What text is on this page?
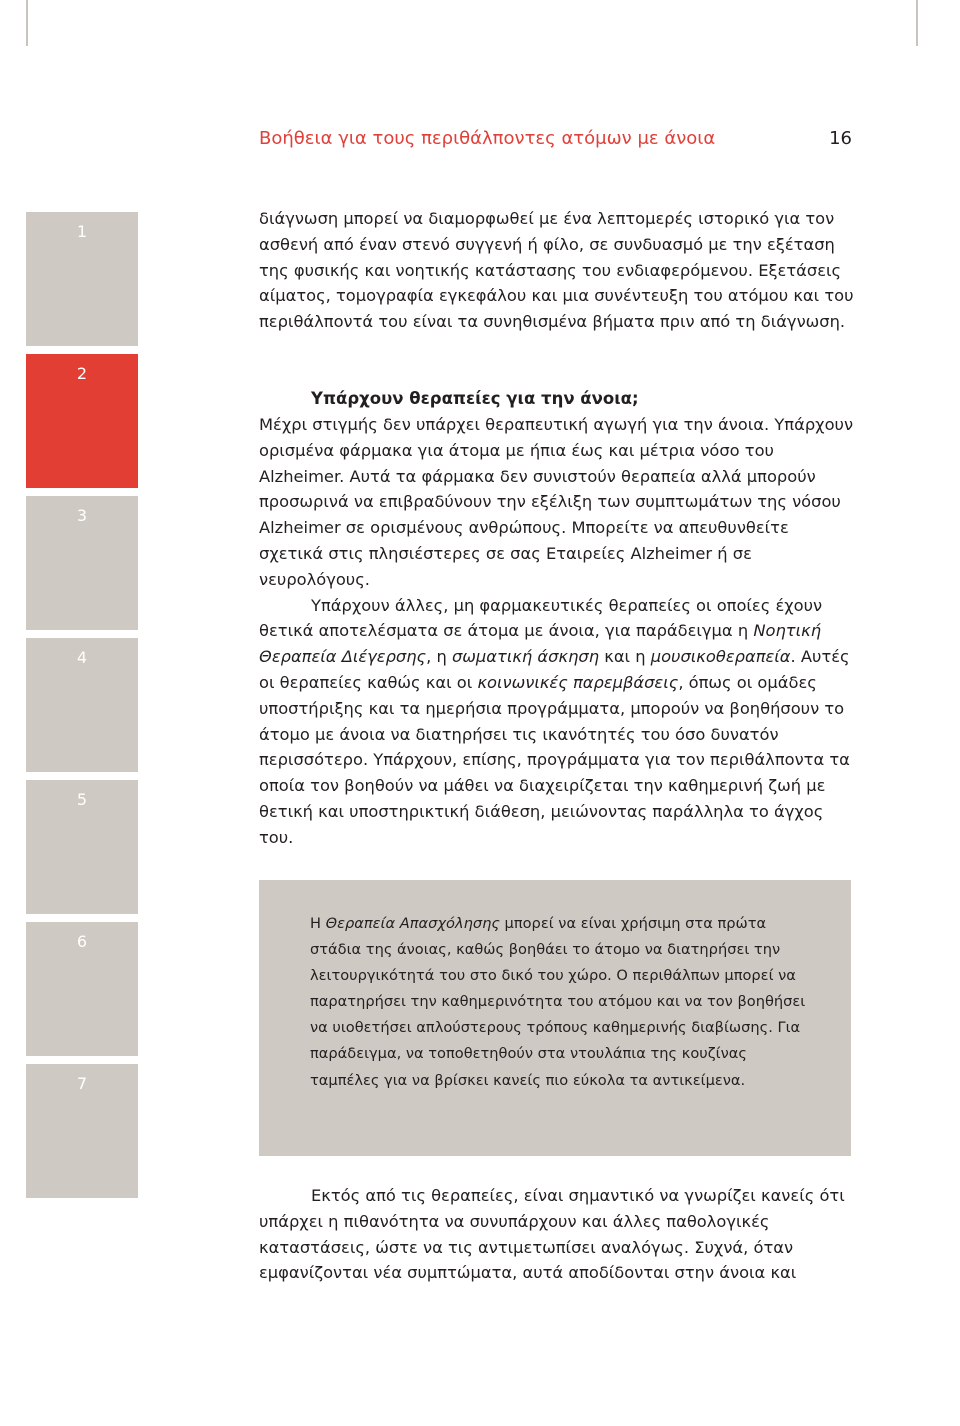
Βοήθεια για τους περιθάλποντες ατόμων με άνοια	16
1
2
3
4
5
6
7

διάγνωση μπορεί να διαμορφωθεί με ένα λεπτομερές ιστορικό για τον ασθενή από έναν στενό συγγενή ή φίλο, σε συνδυασμό με την εξέταση της φυσικής και νοητικής κατάστασης του ενδιαφερόμενου. Εξετάσεις αίματος, τομογραφία εγκεφάλου και μια συνέντευξη του ατόμου και του περιθάλποντά του είναι τα συνηθισμένα βήματα πριν από τη διάγνωση.

Υπάρχουν θεραπείες για την άνοια;

Μέχρι στιγμής δεν υπάρχει θεραπευτική αγωγή για την άνοια. Υπάρχουν ορισμένα φάρμακα για άτομα με ήπια έως και μέτρια νόσο του Alzheimer. Αυτά τα φάρμακα δεν συνιστούν θεραπεία αλλά μπορούν προσωρινά να επιβραδύνουν την εξέλιξη των συμπτωμάτων της νόσου Alzheimer σε ορισμένους ανθρώπους. Μπορείτε να απευθυνθείτε σχετικά στις πλησιέστερες σε σας Εταιρείες Alzheimer ή σε νευρολόγους.

Υπάρχουν άλλες, μη φαρμακευτικές θεραπείες οι οποίες έχουν θετικά αποτελέσματα σε άτομα με άνοια, για παράδειγμα η Νοητική Θεραπεία Διέγερσης, η σωματική άσκηση και η μουσικοθεραπεία. Αυτές οι θεραπείες καθώς και οι κοινωνικές παρεμβάσεις, όπως οι ομάδες υποστήριξης και τα ημερήσια προγράμματα, μπορούν να βοηθήσουν το άτομο με άνοια να διατηρήσει τις ικανότητές του όσο δυνατόν περισσότερο. Υπάρχουν, επίσης, προγράμματα για τον περιθάλποντα τα οποία τον βοηθούν να μάθει να διαχειρίζεται την καθημερινή ζωή με θετική και υποστηρικτική διάθεση, μειώνοντας παράλληλα το άγχος του.

Η Θεραπεία Απασχόλησης μπορεί να είναι χρήσιμη στα πρώτα στάδια της άνοιας, καθώς βοηθάει το άτομο να διατηρήσει την λειτουργικότητά του στο δικό του χώρο. Ο περιθάλπων μπορεί να παρατηρήσει την καθημερινότητα του ατόμου και να τον βοηθήσει να υιοθετήσει απλούστερους τρόπους καθημερινής διαβίωσης. Για παράδειγμα, να τοποθετηθούν στα ντουλάπια της κουζίνας ταμπέλες για να βρίσκει κανείς πιο εύκολα τα αντικείμενα.

Εκτός από τις θεραπείες, είναι σημαντικό να γνωρίζει κανείς ότι υπάρχει η πιθανότητα να συνυπάρχουν και άλλες παθολογικές καταστάσεις, ώστε να τις αντιμετωπίσει αναλόγως. Συχνά, όταν εμφανίζονται νέα συμπτώματα, αυτά αποδίδονται στην άνοια και
